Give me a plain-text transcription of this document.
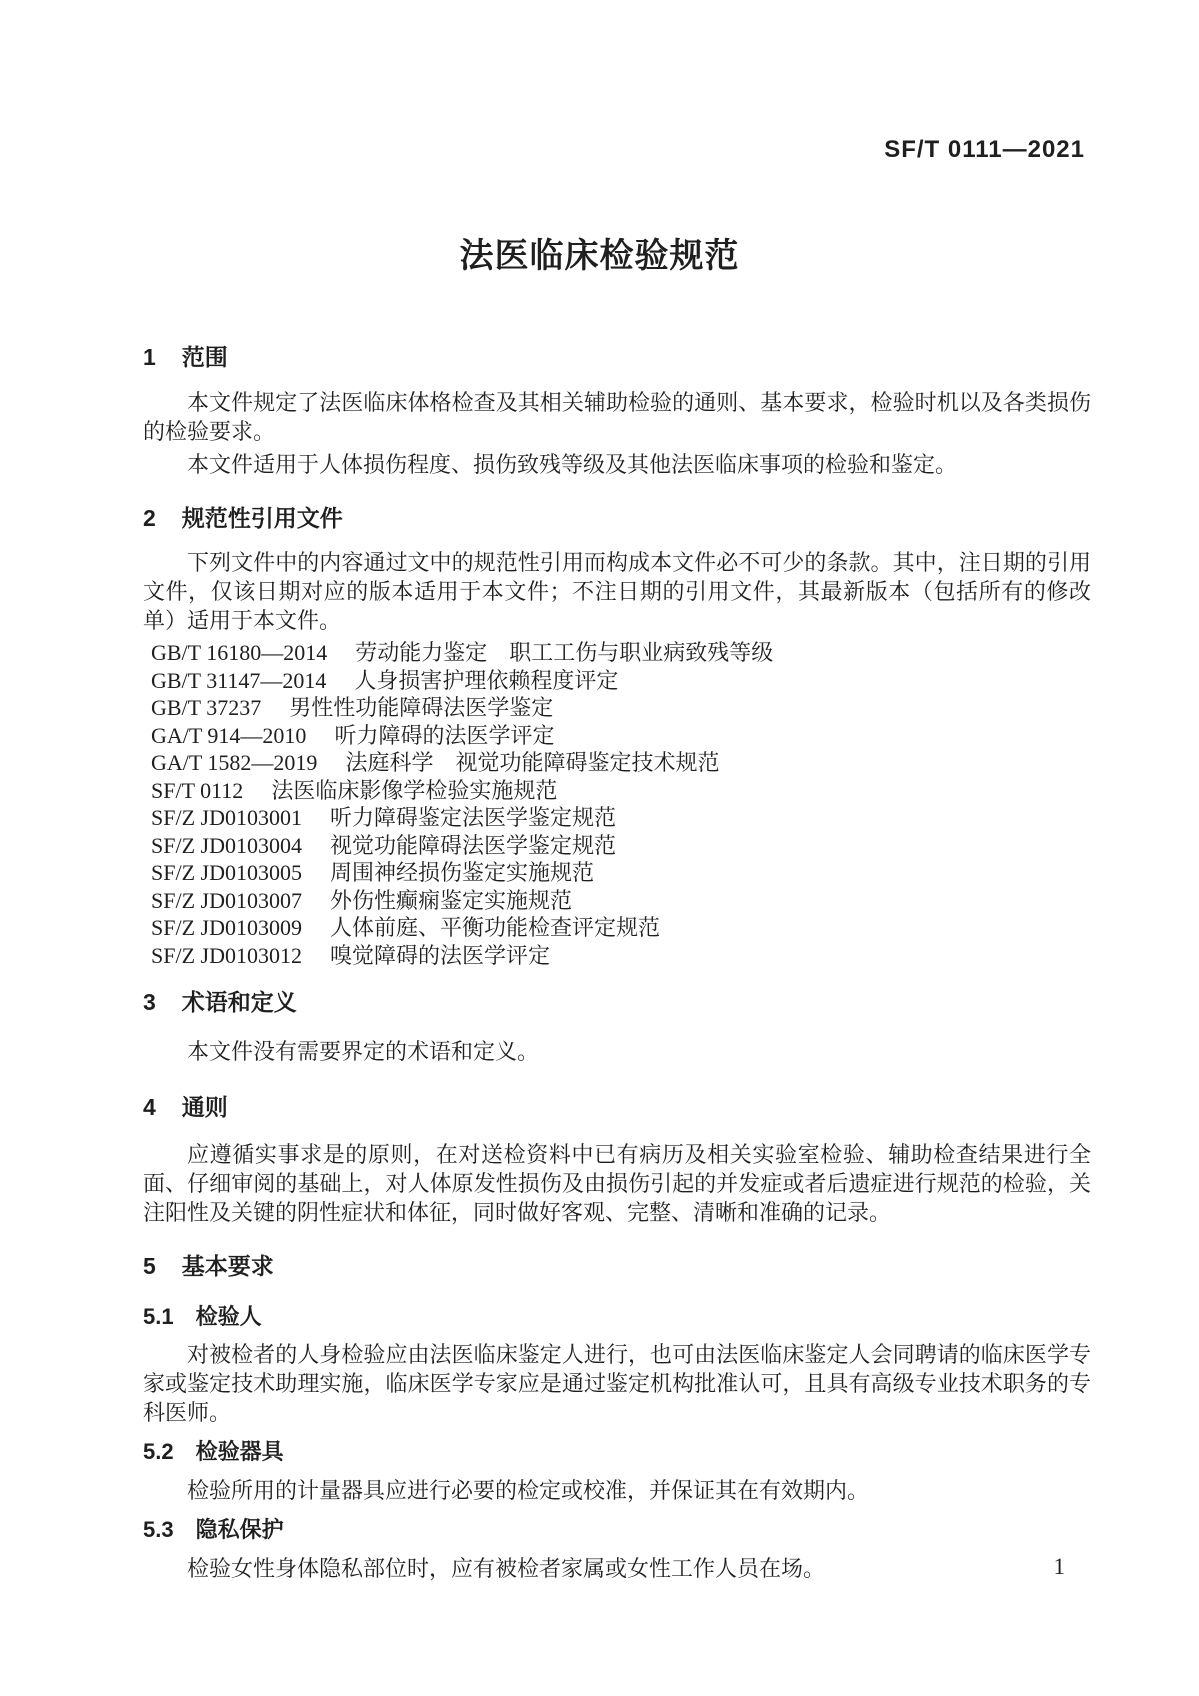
SF/T 0111—2021
法医临床检验规范
1 范围

本文件规定了法医临床体格检查及其相关辅助检验的通则、基本要求，检验时机以及各类损伤的检验要求。

本文件适用于人体损伤程度、损伤致残等级及其他法医临床事项的检验和鉴定。

2 规范性引用文件

下列文件中的内容通过文中的规范性引用而构成本文件必不可少的条款。其中，注日期的引用文件，仅该日期对应的版本适用于本文件；不注日期的引用文件，其最新版本（包括所有的修改单）适用于本文件。

GB/T 16180—2014 劳动能力鉴定　职工工伤与职业病致残等级
GB/T 31147—2014 人身损害护理依赖程度评定
GB/T 37237 男性性功能障碍法医学鉴定
GA/T 914—2010 听力障碍的法医学评定
GA/T 1582—2019 法庭科学　视觉功能障碍鉴定技术规范
SF/T 0112 法医临床影像学检验实施规范
SF/Z JD0103001 听力障碍鉴定法医学鉴定规范
SF/Z JD0103004 视觉功能障碍法医学鉴定规范
SF/Z JD0103005 周围神经损伤鉴定实施规范
SF/Z JD0103007 外伤性癫痫鉴定实施规范
SF/Z JD0103009 人体前庭、平衡功能检查评定规范
SF/Z JD0103012 嗅觉障碍的法医学评定
3 术语和定义

本文件没有需要界定的术语和定义。

4 通则

应遵循实事求是的原则，在对送检资料中已有病历及相关实验室检验、辅助检查结果进行全面、仔细审阅的基础上，对人体原发性损伤及由损伤引起的并发症或者后遗症进行规范的检验，关注阳性及关键的阴性症状和体征，同时做好客观、完整、清晰和准确的记录。

5 基本要求
5.1 检验人

对被检者的人身检验应由法医临床鉴定人进行，也可由法医临床鉴定人会同聘请的临床医学专家或鉴定技术助理实施，临床医学专家应是通过鉴定机构批准认可，且具有高级专业技术职务的专科医师。

5.2 检验器具

检验所用的计量器具应进行必要的检定或校准，并保证其在有效期内。

5.3 隐私保护

检验女性身体隐私部位时，应有被检者家属或女性工作人员在场。	1
